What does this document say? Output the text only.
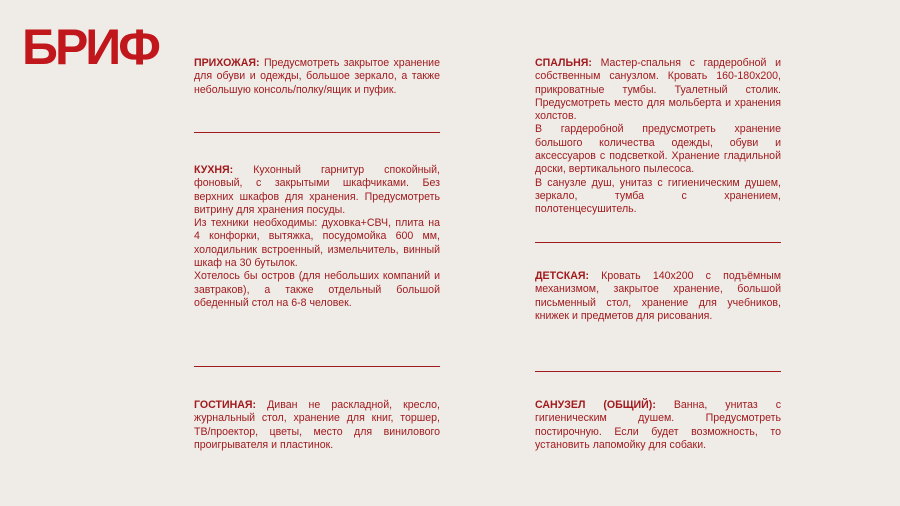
БРИФ	ПРИХОЖАЯ: Предусмотреть закрытое хранение для обуви и одежды, большое зеркало, а также небольшую консоль/полку/ящик и пуфик.

КУХНЯ: Кухонный гарнитур спокойный, фоновый, с закрытыми шкафчиками. Без верхних шкафов для хранения. Предусмотреть витрину для хранения посуды.

Из техники необходимы: духовка+СВЧ, плита на 4 конфорки, вытяжка, посудомойка 600 мм, холодильник встроенный, измельчитель, винный шкаф на 30 бутылок.

Хотелось бы остров (для небольших компаний и завтраков), а также отдельный большой обеденный стол на 6-8 человек.

ГОСТИНАЯ: Диван не раскладной, кресло, журнальный стол, хранение для книг, торшер, ТВ/проектор, цветы, место для винилового проигрывателя и пластинок.

СПАЛЬНЯ: Мастер-спальня с гардеробной и собственным санузлом. Кровать 160-180х200, прикроватные тумбы. Туалетный столик. Предусмотреть место для мольберта и хранения холстов.

В гардеробной предусмотреть хранение большого количества одежды, обуви и аксессуаров с подсветкой. Хранение гладильной доски, вертикального пылесоса.

В санузле душ, унитаз с гигиеническим душем, зеркало, тумба с хранением, полотенцесушитель.

ДЕТСКАЯ: Кровать 140х200 с подъёмным механизмом, закрытое хранение, большой письменный стол, хранение для учебников, книжек и предметов для рисования.

САНУЗЕЛ (ОБЩИЙ): Ванна, унитаз с гигиеническим душем. Предусмотреть постирочную. Если будет возможность, то установить лапомойку для собаки.
